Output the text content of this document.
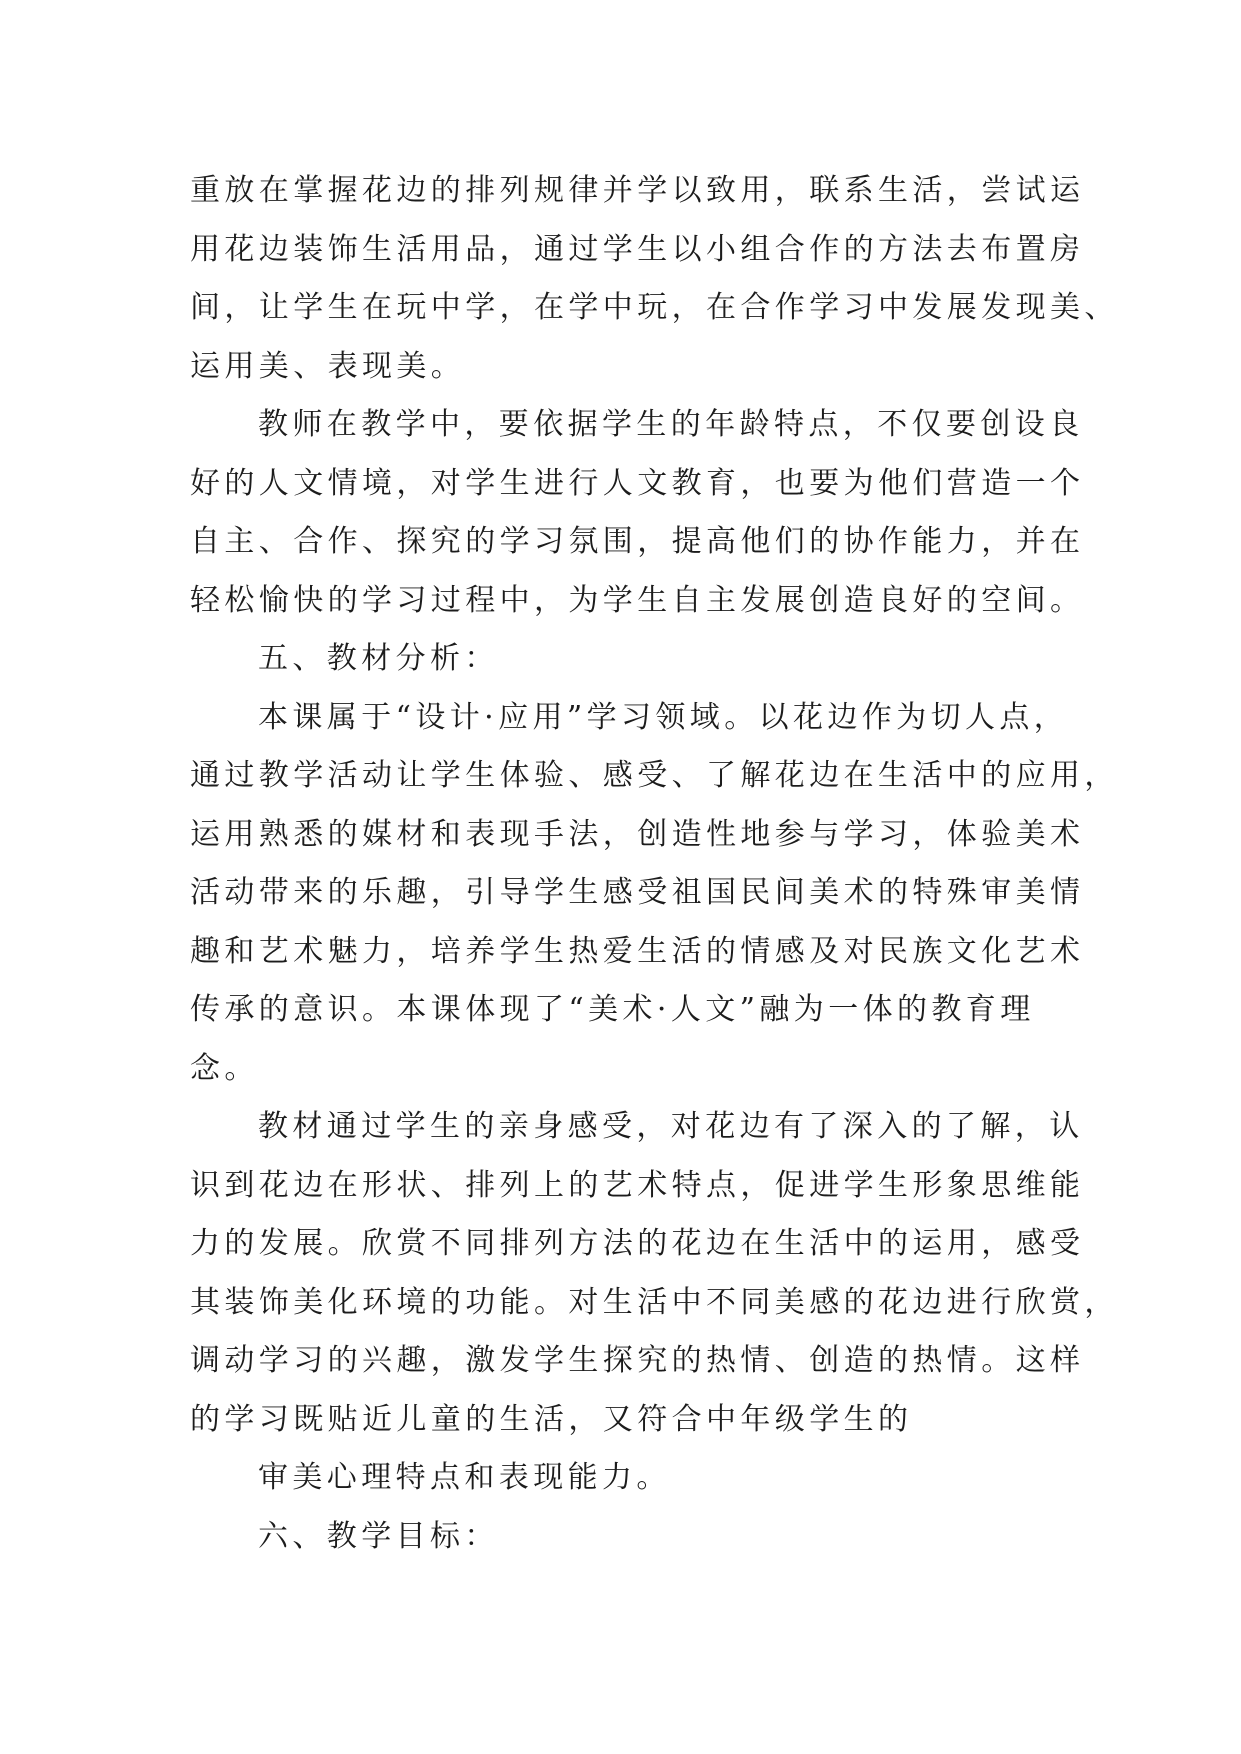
重放在掌握花边的排列规律并学以致用，联系生活，尝试运
用花边装饰生活用品，通过学生以小组合作的方法去布置房
间，让学生在玩中学，在学中玩，在合作学习中发展发现美、
运用美、表现美。
教师在教学中，要依据学生的年龄特点，不仅要创设良
好的人文情境，对学生进行人文教育，也要为他们营造一个
自主、合作、探究的学习氛围，提高他们的协作能力，并在
轻松愉快的学习过程中，为学生自主发展创造良好的空间。
五、教材分析：
本课属于“设计·应用”学习领域。以花边作为切人点，
通过教学活动让学生体验、感受、了解花边在生活中的应用，
运用熟悉的媒材和表现手法，创造性地参与学习，体验美术
活动带来的乐趣，引导学生感受祖国民间美术的特殊审美情
趣和艺术魅力，培养学生热爱生活的情感及对民族文化艺术
传承的意识。本课体现了“美术·人文”融为一体的教育理
念。
教材通过学生的亲身感受，对花边有了深入的了解，认
识到花边在形状、排列上的艺术特点，促进学生形象思维能
力的发展。欣赏不同排列方法的花边在生活中的运用，感受
其装饰美化环境的功能。对生活中不同美感的花边进行欣赏，
调动学习的兴趣，激发学生探究的热情、创造的热情。这样
的学习既贴近儿童的生活，又符合中年级学生的
审美心理特点和表现能力。
六、教学目标：
